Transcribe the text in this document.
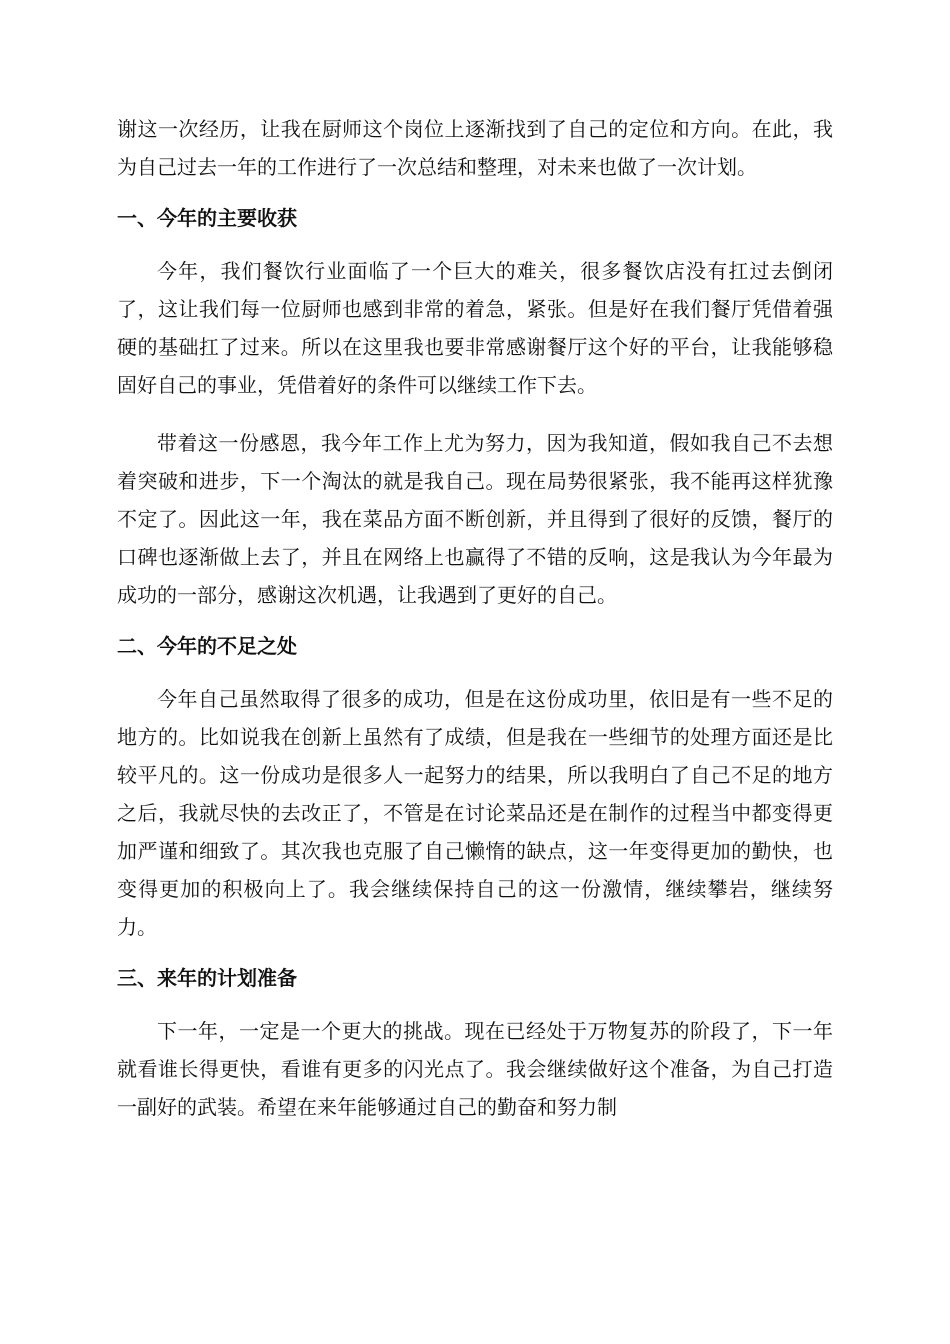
谢这一次经历，让我在厨师这个岗位上逐渐找到了自己的定位和方向。在此，我为自己过去一年的工作进行了一次总结和整理，对未来也做了一次计划。

一、今年的主要收获

今年，我们餐饮行业面临了一个巨大的难关，很多餐饮店没有扛过去倒闭了，这让我们每一位厨师也感到非常的着急，紧张。但是好在我们餐厅凭借着强硬的基础扛了过来。所以在这里我也要非常感谢餐厅这个好的平台，让我能够稳固好自己的事业，凭借着好的条件可以继续工作下去。

带着这一份感恩，我今年工作上尤为努力，因为我知道，假如我自己不去想着突破和进步，下一个淘汰的就是我自己。现在局势很紧张，我不能再这样犹豫不定了。因此这一年，我在菜品方面不断创新，并且得到了很好的反馈，餐厅的口碑也逐渐做上去了，并且在网络上也赢得了不错的反响，这是我认为今年最为成功的一部分，感谢这次机遇，让我遇到了更好的自己。

二、今年的不足之处

今年自己虽然取得了很多的成功，但是在这份成功里，依旧是有一些不足的地方的。比如说我在创新上虽然有了成绩，但是我在一些细节的处理方面还是比较平凡的。这一份成功是很多人一起努力的结果，所以我明白了自己不足的地方之后，我就尽快的去改正了，不管是在讨论菜品还是在制作的过程当中都变得更加严谨和细致了。其次我也克服了自己懒惰的缺点，这一年变得更加的勤快，也变得更加的积极向上了。我会继续保持自己的这一份激情，继续攀岩，继续努力。

三、来年的计划准备

下一年，一定是一个更大的挑战。现在已经处于万物复苏的阶段了，下一年就看谁长得更快，看谁有更多的闪光点了。我会继续做好这个准备，为自己打造一副好的武装。希望在来年能够通过自己的勤奋和努力制
